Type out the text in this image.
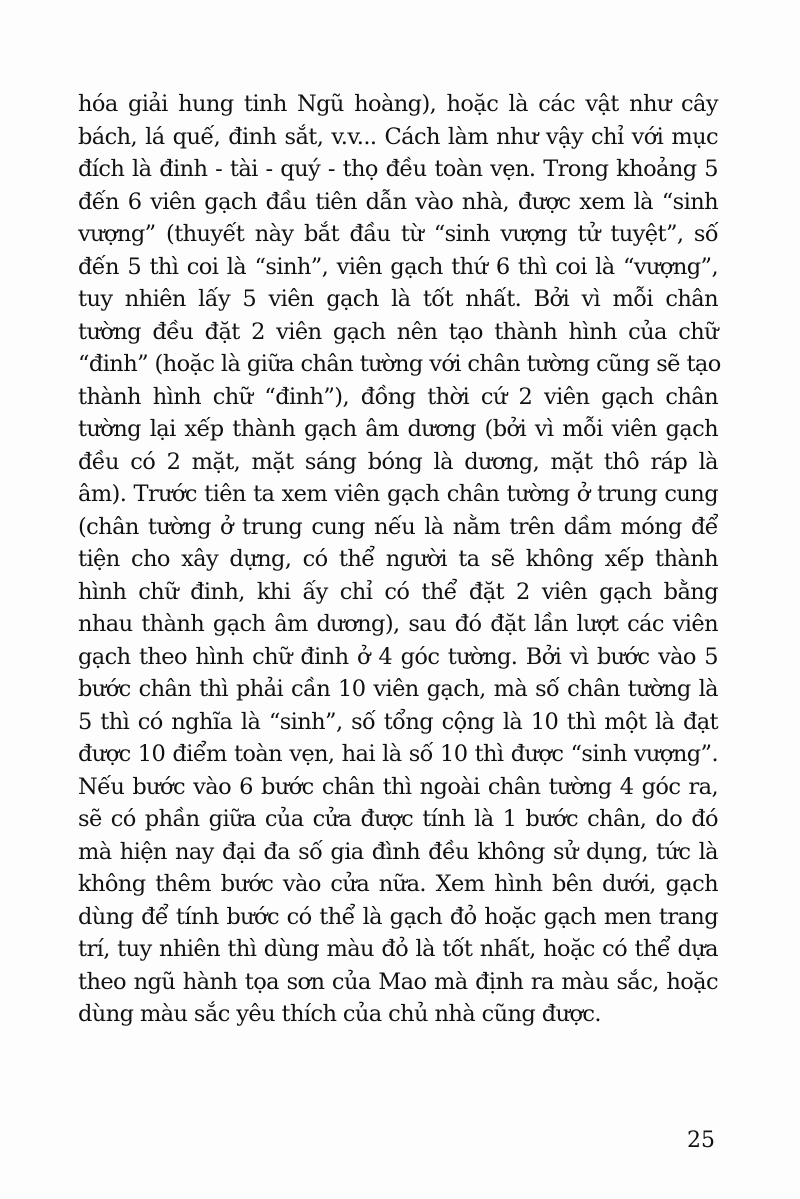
hóa giải hung tinh Ngũ hoàng), hoặc là các vật như cây
bách, lá quế, đinh sắt, v.v... Cách làm như vậy chỉ với mục
đích là đinh - tài - quý - thọ đều toàn vẹn. Trong khoảng 5
đến 6 viên gạch đầu tiên dẫn vào nhà, được xem là “sinh
vượng” (thuyết này bắt đầu từ “sinh vượng tử tuyệt”, số
đến 5 thì coi là “sinh”, viên gạch thứ 6 thì coi là “vượng”,
tuy nhiên lấy 5 viên gạch là tốt nhất. Bởi vì mỗi chân
tường đều đặt 2 viên gạch nên tạo thành hình của chữ
“đinh” (hoặc là giữa chân tường với chân tường cũng sẽ tạo
thành hình chữ “đinh”), đồng thời cứ 2 viên gạch chân
tường lại xếp thành gạch âm dương (bởi vì mỗi viên gạch
đều có 2 mặt, mặt sáng bóng là dương, mặt thô ráp là
âm). Trước tiên ta xem viên gạch chân tường ở trung cung
(chân tường ở trung cung nếu là nằm trên dầm móng để
tiện cho xây dựng, có thể người ta sẽ không xếp thành
hình chữ đinh, khi ấy chỉ có thể đặt 2 viên gạch bằng
nhau thành gạch âm dương), sau đó đặt lần lượt các viên
gạch theo hình chữ đinh ở 4 góc tường. Bởi vì bước vào 5
bước chân thì phải cần 10 viên gạch, mà số chân tường là
5 thì có nghĩa là “sinh”, số tổng cộng là 10 thì một là đạt
được 10 điểm toàn vẹn, hai là số 10 thì được “sinh vượng”.
Nếu bước vào 6 bước chân thì ngoài chân tường 4 góc ra,
sẽ có phần giữa của cửa được tính là 1 bước chân, do đó
mà hiện nay đại đa số gia đình đều không sử dụng, tức là
không thêm bước vào cửa nữa. Xem hình bên dưới, gạch
dùng để tính bước có thể là gạch đỏ hoặc gạch men trang
trí, tuy nhiên thì dùng màu đỏ là tốt nhất, hoặc có thể dựa
theo ngũ hành tọa sơn của Mao mà định ra màu sắc, hoặc
dùng màu sắc yêu thích của chủ nhà cũng được.
25
